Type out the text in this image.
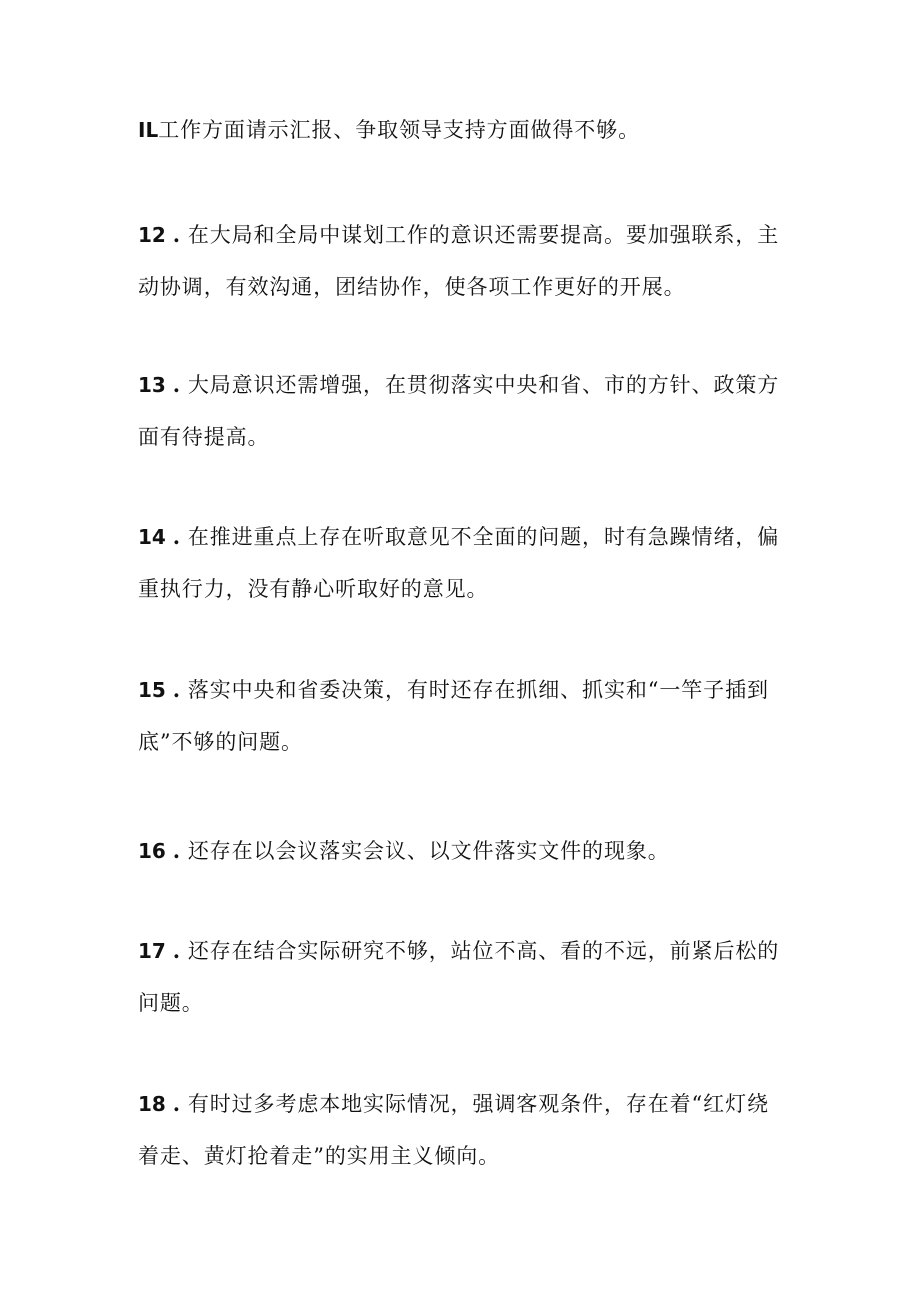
IL工作方面请示汇报、争取领导支持方面做得不够。

12 . 在大局和全局中谋划工作的意识还需要提高。要加强联系，主动协调，有效沟通，团结协作，使各项工作更好的开展。

13 . 大局意识还需增强，在贯彻落实中央和省、市的方针、政策方面有待提高。

14 . 在推进重点上存在听取意见不全面的问题，时有急躁情绪，偏重执行力，没有静心听取好的意见。

15 . 落实中央和省委决策，有时还存在抓细、抓实和“一竿子插到底”不够的问题。

16 . 还存在以会议落实会议、以文件落实文件的现象。

17 . 还存在结合实际研究不够，站位不高、看的不远，前紧后松的问题。

18 . 有时过多考虑本地实际情况，强调客观条件，存在着“红灯绕着走、黄灯抢着走”的实用主义倾向。
